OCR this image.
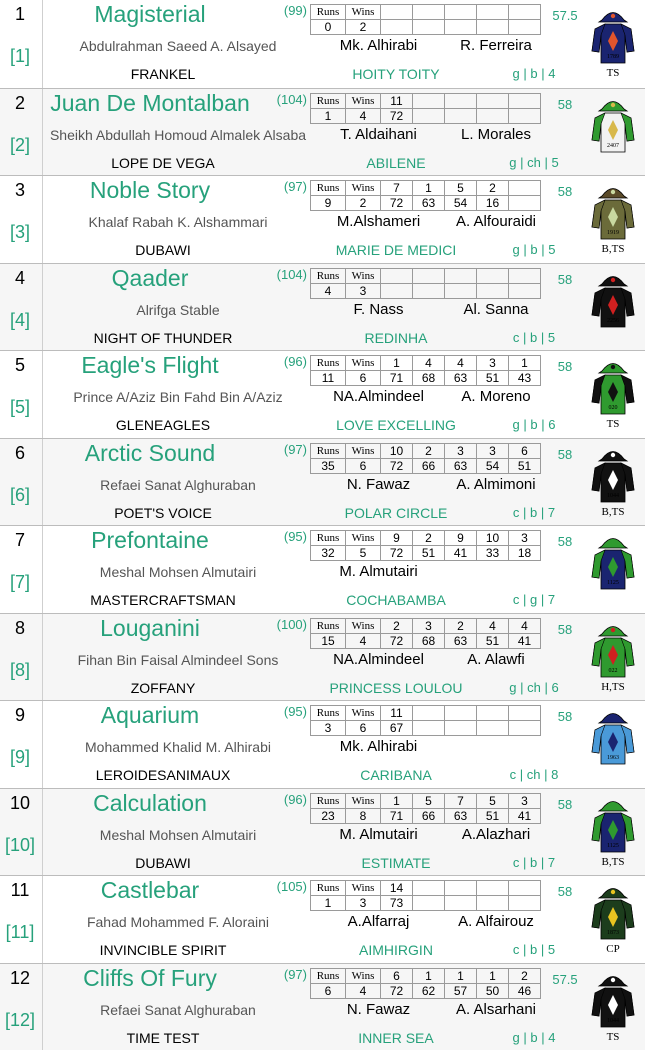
1
[1]
Magisterial	(99) Runs	Wins					
0	2					
57.5
Abdulrahman Saeed A. Alsayed	Mk. Alhirabi	R. Ferreira
FRANKEL	HOITY TOITY	g | b | 4
1789
TS
2
[2]
Juan De Montalban	(104) Runs	Wins	11				
1	4	72				
58
Sheikh Abdullah Homoud Almalek Alsaba	T. Aldaihani	L. Morales
LOPE DE VEGA	ABILENE	g | ch | 5
2407
3
[3]
Noble Story	(97) Runs	Wins	7	1	5	2	
9	2	72	63	54	16	
58
Khalaf Rabah K. Alshammari	M.Alshameri	A. Alfouraidi
DUBAWI	MARIE DE MEDICI	g | b | 5
1919
B,TS
4
[4]
Qaader	(104) Runs	Wins					
4	3					
58
Alrifga Stable	F. Nass	Al. Sanna
NIGHT OF THUNDER	REDINHA	c | b | 5
2256
5
[5]
Eagle's Flight	(96) Runs	Wins	1	4	4	3	1
11	6	71	68	63	51	43
58
Prince A/Aziz Bin Fahd Bin A/Aziz	NA.Almindeel	A. Moreno
GLENEAGLES	LOVE EXCELLING	g | b | 6
020
TS
6
[6]
Arctic Sound	(97) Runs	Wins	10	2	3	3	6
35	6	72	66	63	54	51
58
Refaei Sanat Alghuraban	N. Fawaz	A. Almimoni
POET'S VOICE	POLAR CIRCLE	c | b | 7
1044
B,TS
7
[7]
Prefontaine	(95) Runs	Wins	9	2	9	10	3
32	5	72	51	41	33	18
58
Meshal Mohsen Almutairi	M. Almutairi
MASTERCRAFTSMAN	COCHABAMBA	c | g | 7
1125
8
[8]
Louganini	(100) Runs	Wins	2	3	2	4	4
15	4	72	68	63	51	41
58
Fihan Bin Faisal Almindeel Sons	NA.Almindeel	A. Alawfi
ZOFFANY	PRINCESS LOULOU	g | ch | 6
022
H,TS
9
[9]
Aquarium	(95) Runs	Wins	11				
3	6	67				
58
Mohammed Khalid M. Alhirabi	Mk. Alhirabi
LEROIDESANIMAUX	CARIBANA	c | ch | 8
1963
10
[10]
Calculation	(96) Runs	Wins	1	5	7	5	3
23	8	71	66	63	51	41
58
Meshal Mohsen Almutairi	M. Almutairi	A.Alazhari
DUBAWI	ESTIMATE	c | b | 7
1125
B,TS
11
[11]
Castlebar	(105) Runs	Wins	14				
1	3	73				
58
Fahad Mohammed F. Aloraini	A.Alfarraj	A. Alfairouz
INVINCIBLE SPIRIT	AIMHIRGIN	c | b | 5
1873
CP
12
[12]
Cliffs Of Fury	(97) Runs	Wins	6	1	1	1	2
6	4	72	62	57	50	46
57.5
Refaei Sanat Alghuraban	N. Fawaz	A. Alsarhani
TIME TEST	INNER SEA	g | b | 4
1044
TS
